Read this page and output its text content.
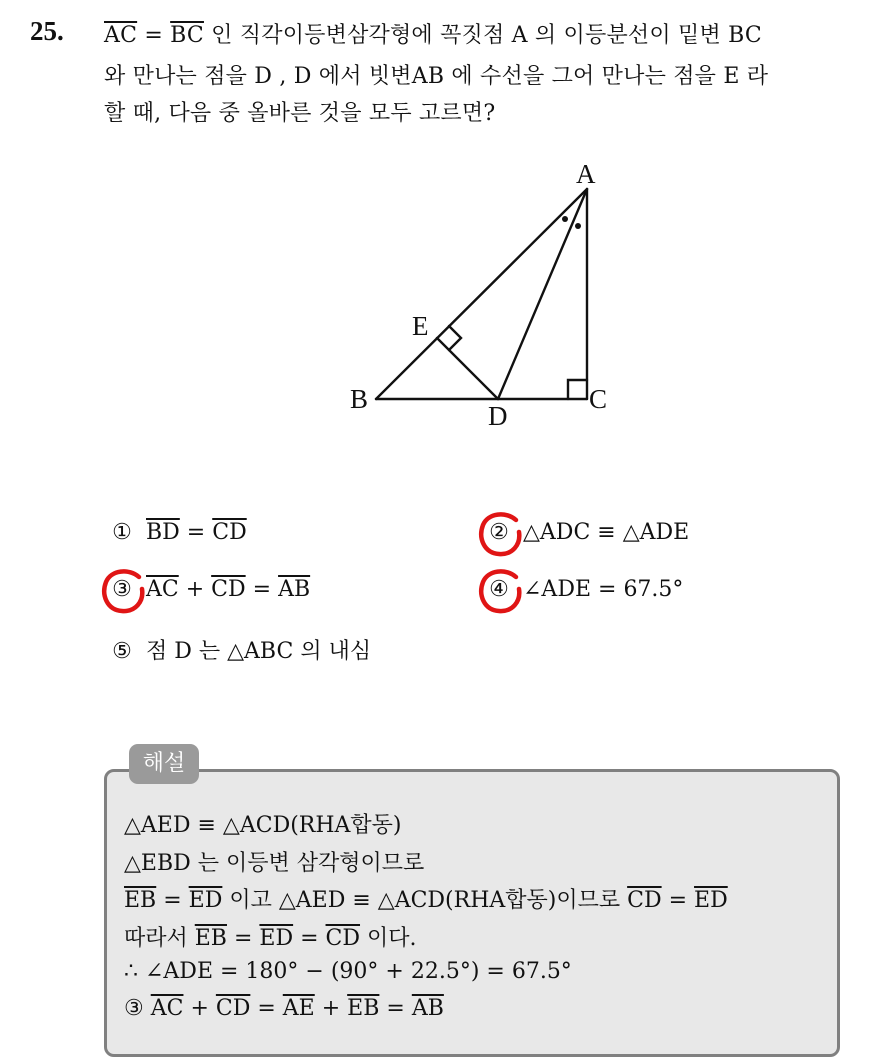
25. $\overline{AC} = \overline{BC}$ 인 직각이등변삼각형에 꼭짓점 A 의 이등분선이 밑변 BC
와 만나는 점을 D , D 에서 빗변AB 에 수선을 그어 만나는 점을 E 라
할 때, 다음 중 올바른 것을 모두 고르면?
A
B	C
D
E
① $\overline{BD} = \overline{CD}$	② △ADC ≡ △ADE
③ $\overline{AC} + \overline{CD} = \overline{AB}$	④ ∠ADE = 67.5°
⑤ 점 D 는 △ABC 의 내심
해설
△AED ≡ △ACD(RHA합동)
△EBD 는 이등변 삼각형이므로
$\overline{EB} = \overline{ED}$ 이고 △AED ≡ △ACD(RHA합동)이므로 $\overline{CD} = \overline{ED}$
따라서 $\overline{EB} = \overline{ED} = \overline{CD}$ 이다.
∴ ∠ADE = 180° − (90° + 22.5°) = 67.5°
③ $\overline{AC} + \overline{CD} = \overline{AE} + \overline{EB} = \overline{AB}$
